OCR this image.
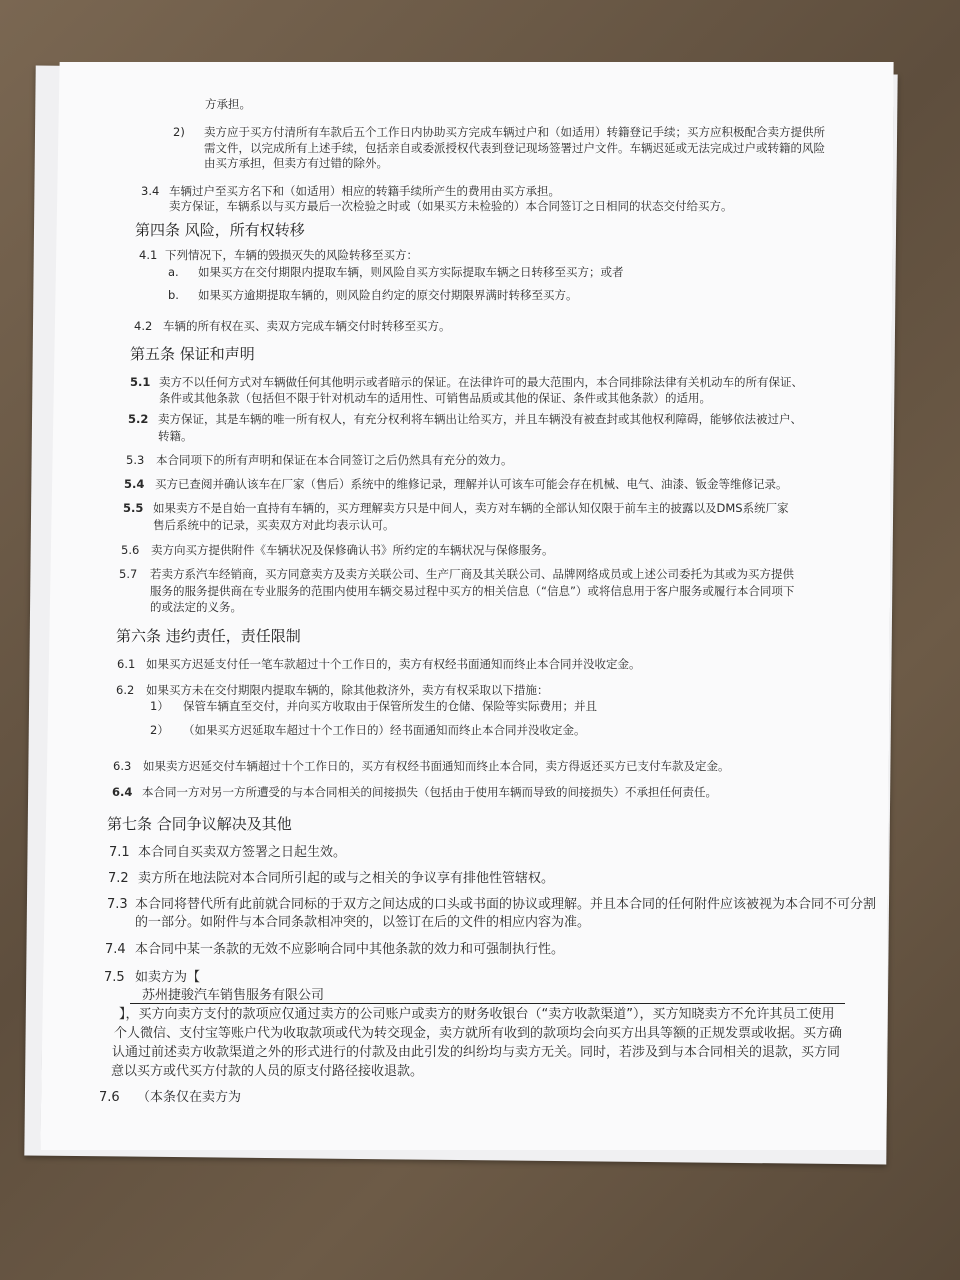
方承担。
2) 卖方应于买方付清所有车款后五个工作日内协助买方完成车辆过户和（如适用）转籍登记手续；买方应积极配合卖方提供所
需文件，以完成所有上述手续，包括亲自或委派授权代表到登记现场签署过户文件。车辆迟延或无法完成过户或转籍的风险
由买方承担，但卖方有过错的除外。
3.4 车辆过户至买方名下和（如适用）相应的转籍手续所产生的费用由买方承担。
卖方保证，车辆系以与买方最后一次检验之时或（如果买方未检验的）本合同签订之日相同的状态交付给买方。
第四条 风险，所有权转移
4.1 下列情况下，车辆的毁损灭失的风险转移至买方：
a. 如果买方在交付期限内提取车辆，则风险自买方实际提取车辆之日转移至买方；或者
b. 如果买方逾期提取车辆的，则风险自约定的原交付期限界满时转移至买方。
4.2 车辆的所有权在买、卖双方完成车辆交付时转移至买方。
第五条 保证和声明
5.1 卖方不以任何方式对车辆做任何其他明示或者暗示的保证。在法律许可的最大范围内，本合同排除法律有关机动车的所有保证、
条件或其他条款（包括但不限于针对机动车的适用性、可销售品质或其他的保证、条件或其他条款）的适用。
5.2 卖方保证，其是车辆的唯一所有权人，有充分权利将车辆出让给买方，并且车辆没有被查封或其他权利障碍，能够依法被过户、
转籍。
5.3 本合同项下的所有声明和保证在本合同签订之后仍然具有充分的效力。
5.4 买方已查阅并确认该车在厂家（售后）系统中的维修记录，理解并认可该车可能会存在机械、电气、油漆、钣金等维修记录。
5.5 如果卖方不是自始一直持有车辆的，买方理解卖方只是中间人，卖方对车辆的全部认知仅限于前车主的披露以及DMS系统厂家
售后系统中的记录，买卖双方对此均表示认可。
5.6 卖方向买方提供附件《车辆状况及保修确认书》所约定的车辆状况与保修服务。
5.7 若卖方系汽车经销商，买方同意卖方及卖方关联公司、生产厂商及其关联公司、品牌网络成员或上述公司委托为其或为买方提供
服务的服务提供商在专业服务的范围内使用车辆交易过程中买方的相关信息（“信息”）或将信息用于客户服务或履行本合同项下
的或法定的义务。
第六条 违约责任，责任限制
6.1 如果买方迟延支付任一笔车款超过十个工作日的，卖方有权经书面通知而终止本合同并没收定金。
6.2 如果买方未在交付期限内提取车辆的，除其他救济外，卖方有权采取以下措施：
1） 保管车辆直至交付，并向买方收取由于保管所发生的仓储、保险等实际费用；并且
2） （如果买方迟延取车超过十个工作日的）经书面通知而终止本合同并没收定金。
6.3 如果卖方迟延交付车辆超过十个工作日的，买方有权经书面通知而终止本合同，卖方得返还买方已支付车款及定金。
6.4 本合同一方对另一方所遭受的与本合同相关的间接损失（包括由于使用车辆而导致的间接损失）不承担任何责任。
第七条 合同争议解决及其他
7.1 本合同自买卖双方签署之日起生效。
7.2 卖方所在地法院对本合同所引起的或与之相关的争议享有排他性管辖权。
7.3 本合同将替代所有此前就合同标的于双方之间达成的口头或书面的协议或理解。并且本合同的任何附件应该被视为本合同不可分割
的一部分。如附件与本合同条款相冲突的，以签订在后的文件的相应内容为准。
7.4 本合同中某一条款的无效不应影响合同中其他条款的效力和可强制执行性。
7.5 如卖方为【
苏州捷骏汽车销售服务有限公司
】，买方向卖方支付的款项应仅通过卖方的公司账户或卖方的财务收银台（“卖方收款渠道”），买方知晓卖方不允许其员工使用
个人微信、支付宝等账户代为收取款项或代为转交现金，卖方就所有收到的款项均会向买方出具等额的正规发票或收据。买方确
认通过前述卖方收款渠道之外的形式进行的付款及由此引发的纠纷均与卖方无关。同时，若涉及到与本合同相关的退款，买方同
意以买方或代买方付款的人员的原支付路径接收退款。
7.6 （本条仅在卖方为
